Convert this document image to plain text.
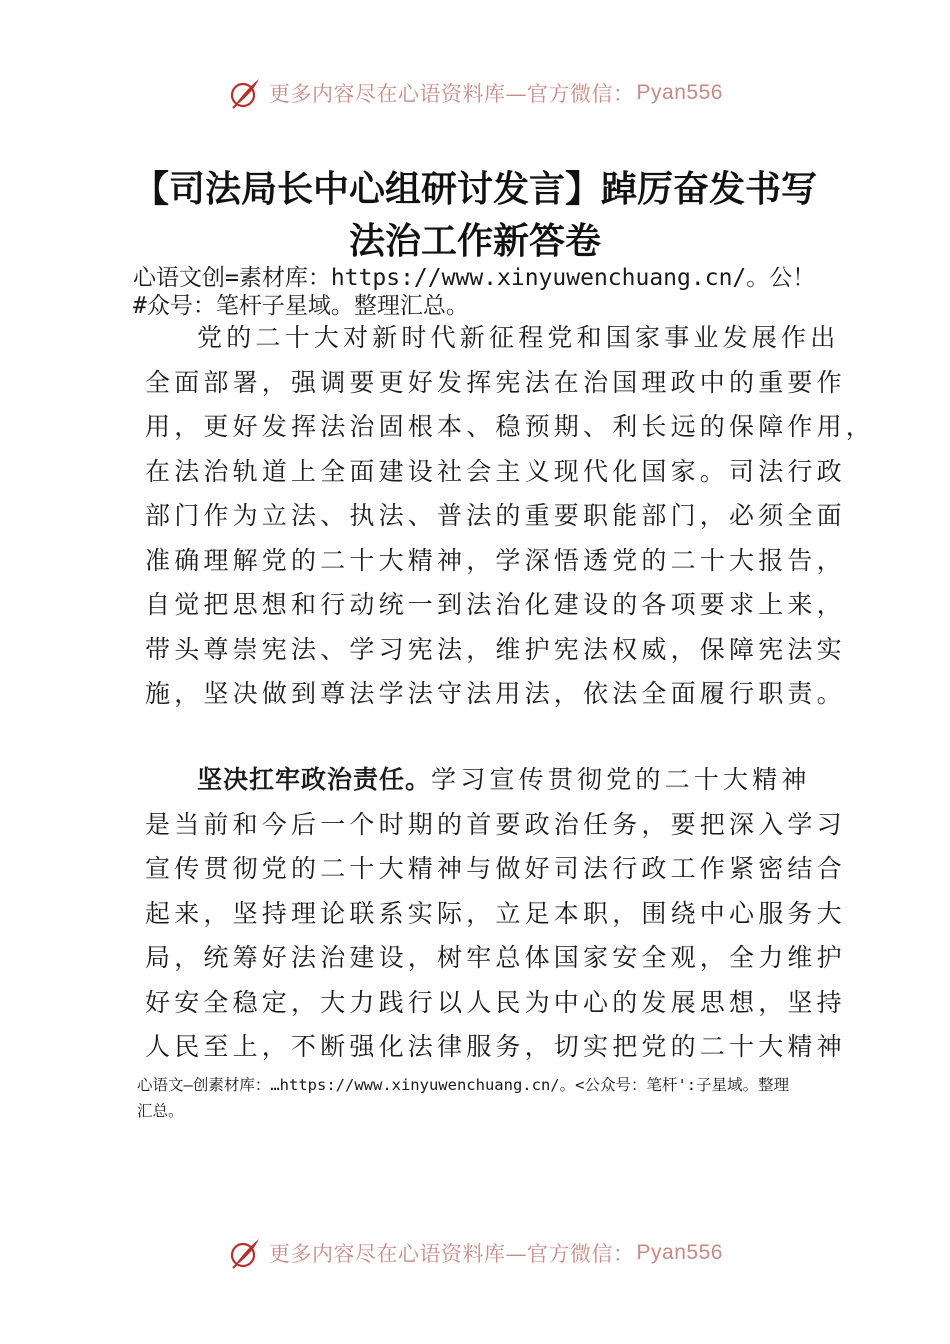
更多内容尽在心语资料库—官方微信： Pyan556
【司法局长中心组研讨发言】踔厉奋发书写
法治工作新答卷
心语文创=素材库：https://www.xinyuwenchuang.cn/。公！
#众号：笔杆子星域。整理汇总。
党的二十大对新时代新征程党和国家事业发展作出
全面部署，强调要更好发挥宪法在治国理政中的重要作
用，更好发挥法治固根本、稳预期、利长远的保障作用，
在法治轨道上全面建设社会主义现代化国家。司法行政
部门作为立法、执法、普法的重要职能部门，必须全面
准确理解党的二十大精神，学深悟透党的二十大报告，
自觉把思想和行动统一到法治化建设的各项要求上来，
带头尊崇宪法、学习宪法，维护宪法权威，保障宪法实
施，坚决做到尊法学法守法用法，依法全面履行职责。
坚决扛牢政治责任。学习宣传贯彻党的二十大精神
是当前和今后一个时期的首要政治任务，要把深入学习
宣传贯彻党的二十大精神与做好司法行政工作紧密结合
起来，坚持理论联系实际，立足本职，围绕中心服务大
局，统筹好法治建设，树牢总体国家安全观，全力维护
好安全稳定，大力践行以人民为中心的发展思想，坚持
人民至上，不断强化法律服务，切实把党的二十大精神
心语文—创素材库：…https://www.xinyuwenchuang.cn/。<公众号：笔杆':子星域。整理
汇总。
更多内容尽在心语资料库—官方微信： Pyan556
